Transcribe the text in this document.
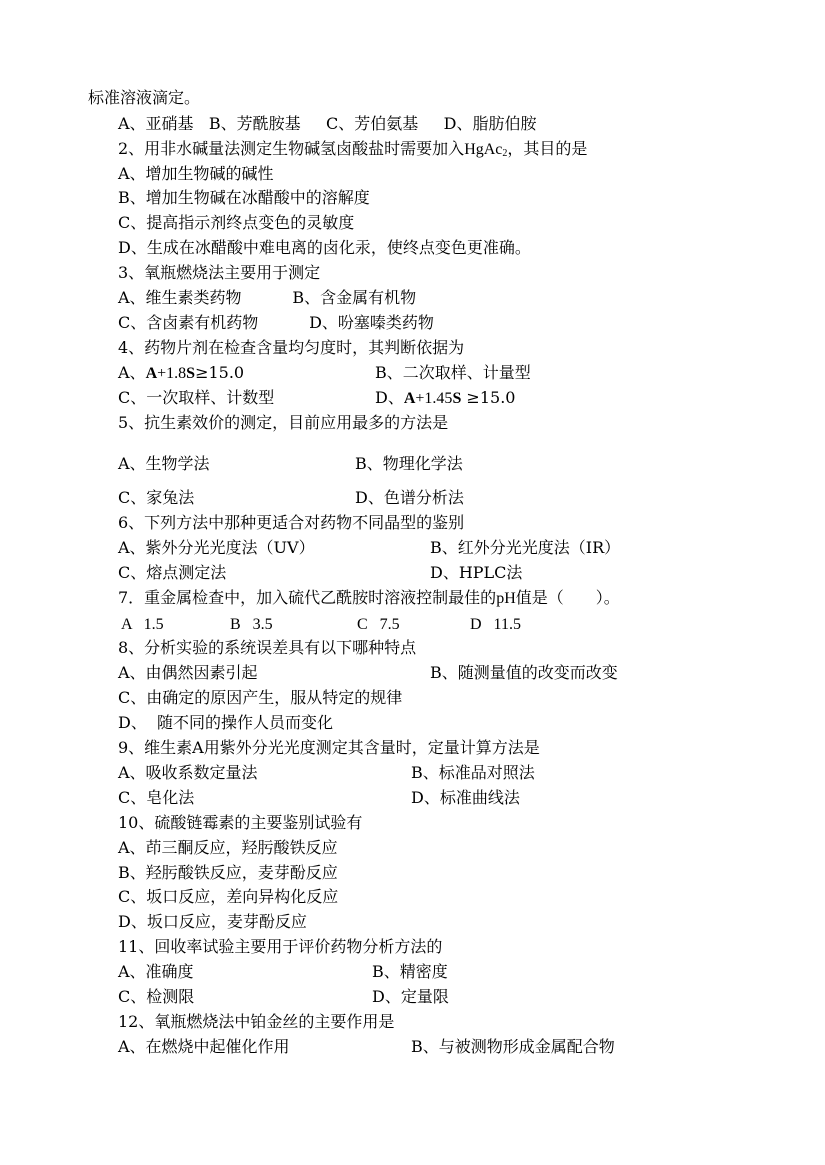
标准溶液滴定。
A、亚硝基   B、芳酰胺基     C、芳伯氨基     D、脂肪伯胺
2、用非水碱量法测定生物碱氢卤酸盐时需要加入HgAc$_2$，其目的是
A、增加生物碱的碱性
B、增加生物碱在冰醋酸中的溶解度
C、提高指示剂终点变色的灵敏度
D、生成在冰醋酸中难电离的卤化汞，使终点变色更准确。
3、氧瓶燃烧法主要用于测定
A、维生素类药物          B、含金属有机物
C、含卤素有机药物          D、吩塞嗪类药物
4、药物片剂在检查含量均匀度时，其判断依据为
A、A+1.8S≥15.0	B、二次取样、计量型
C、一次取样、计数型	D、A+1.45S ≥15.0
5、抗生素效价的测定，目前应用最多的方法是
A、生物学法	B、物理化学法
C、家兔法	D、色谱分析法
6、下列方法中那种更适合对药物不同晶型的鉴别
A、紫外分光光度法（UV）	B、红外分光光度法（IR）
C、熔点测定法	D、HPLC法
7．重金属检查中，加入硫代乙酰胺时溶液控制最佳的pH值是（　　）。
A   1.5	B   3.5	C   7.5	D   11.5
8、分析实验的系统误差具有以下哪种特点
A、由偶然因素引起	B、随测量值的改变而改变
C、由确定的原因产生，服从特定的规律
D、  随不同的操作人员而变化
9、维生素A用紫外分光光度测定其含量时，定量计算方法是
A、吸收系数定量法	B、标准品对照法
C、皂化法	D、标准曲线法
10、硫酸链霉素的主要鉴别试验有
A、茚三酮反应，羟肟酸铁反应
B、羟肟酸铁反应，麦芽酚反应
C、坂口反应，差向异构化反应
D、坂口反应，麦芽酚反应
11、回收率试验主要用于评价药物分析方法的
A、准确度	B、精密度
C、检测限	D、定量限
12、氧瓶燃烧法中铂金丝的主要作用是
A、在燃烧中起催化作用	B、与被测物形成金属配合物
